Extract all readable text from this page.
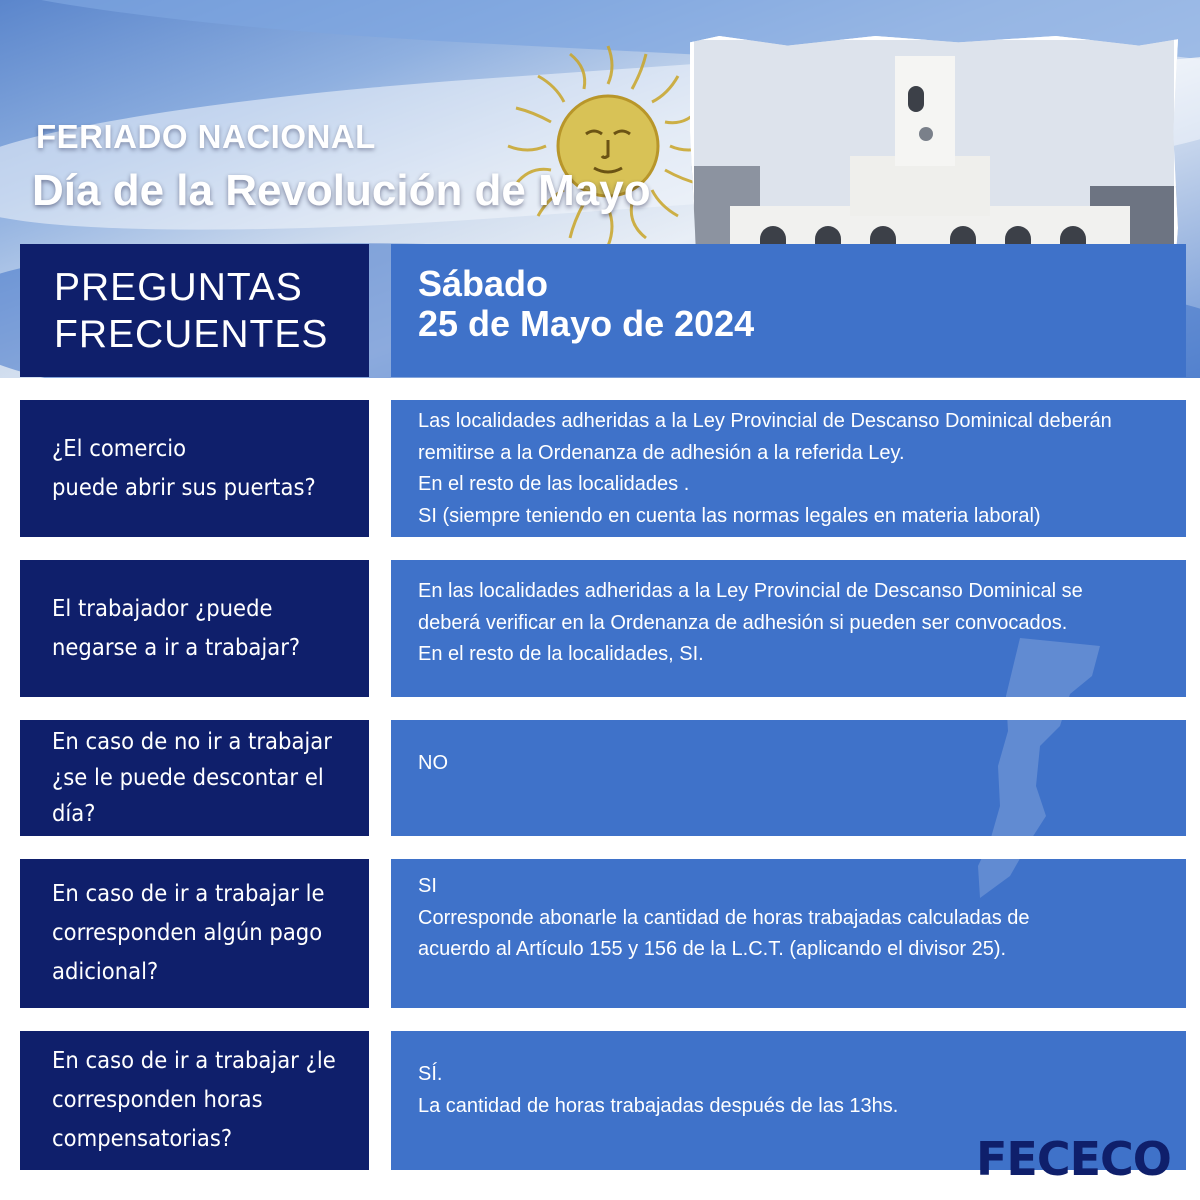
FERIADO NACIONAL
Día de la Revolución de Mayo
PREGUNTAS
FRECUENTES
Sábado
25 de Mayo de 2024
¿El comercio
puede abrir sus puertas?
Las localidades adheridas a la Ley Provincial de Descanso Dominical deberán
remitirse a la Ordenanza de adhesión a la referida Ley.
En el resto de las localidades .
SI (siempre teniendo en cuenta las normas legales en materia laboral)
El trabajador ¿puede
negarse a ir a trabajar?
En las localidades adheridas a la Ley Provincial de Descanso Dominical se
deberá verificar en la Ordenanza de adhesión si pueden ser convocados.
En el resto de la localidades, SI.
En caso de no ir a trabajar
¿se le puede descontar el
día?
NO
En caso de ir a trabajar le
corresponden algún pago
adicional?
SI
Corresponde abonarle la cantidad de horas trabajadas calculadas de
acuerdo al Artículo 155 y 156 de la L.C.T. (aplicando el divisor 25).
En caso de ir a trabajar ¿le
corresponden horas
compensatorias?
SÍ.
La cantidad de horas trabajadas después de las 13hs.
FECECO
